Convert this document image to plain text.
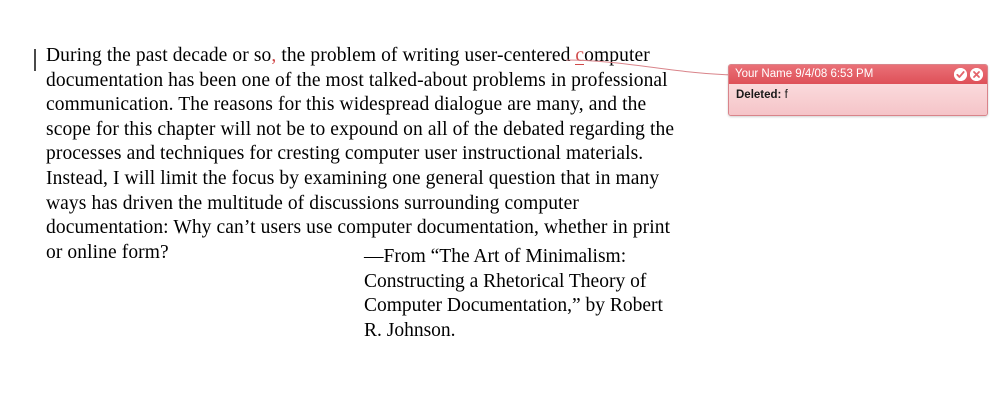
During the past decade or so, the problem of writing user-centered computer documentation has been one of the most talked-about problems in professional communication. The reasons for this widespread dialogue are many, and the scope for this chapter will not be to expound on all of the debated regarding the processes and techniques for cresting computer user instructional materials. Instead, I will limit the focus by examining one general question that in many ways has driven the multitude of discussions surrounding computer documentation: Why can’t users use computer documentation, whether in print or online form?	—From “The Art of Minimalism: Constructing a Rhetorical Theory of Computer Documentation,” by Robert R. Johnson.
Your Name 9/4/08 6:53 PM
Deleted: f
